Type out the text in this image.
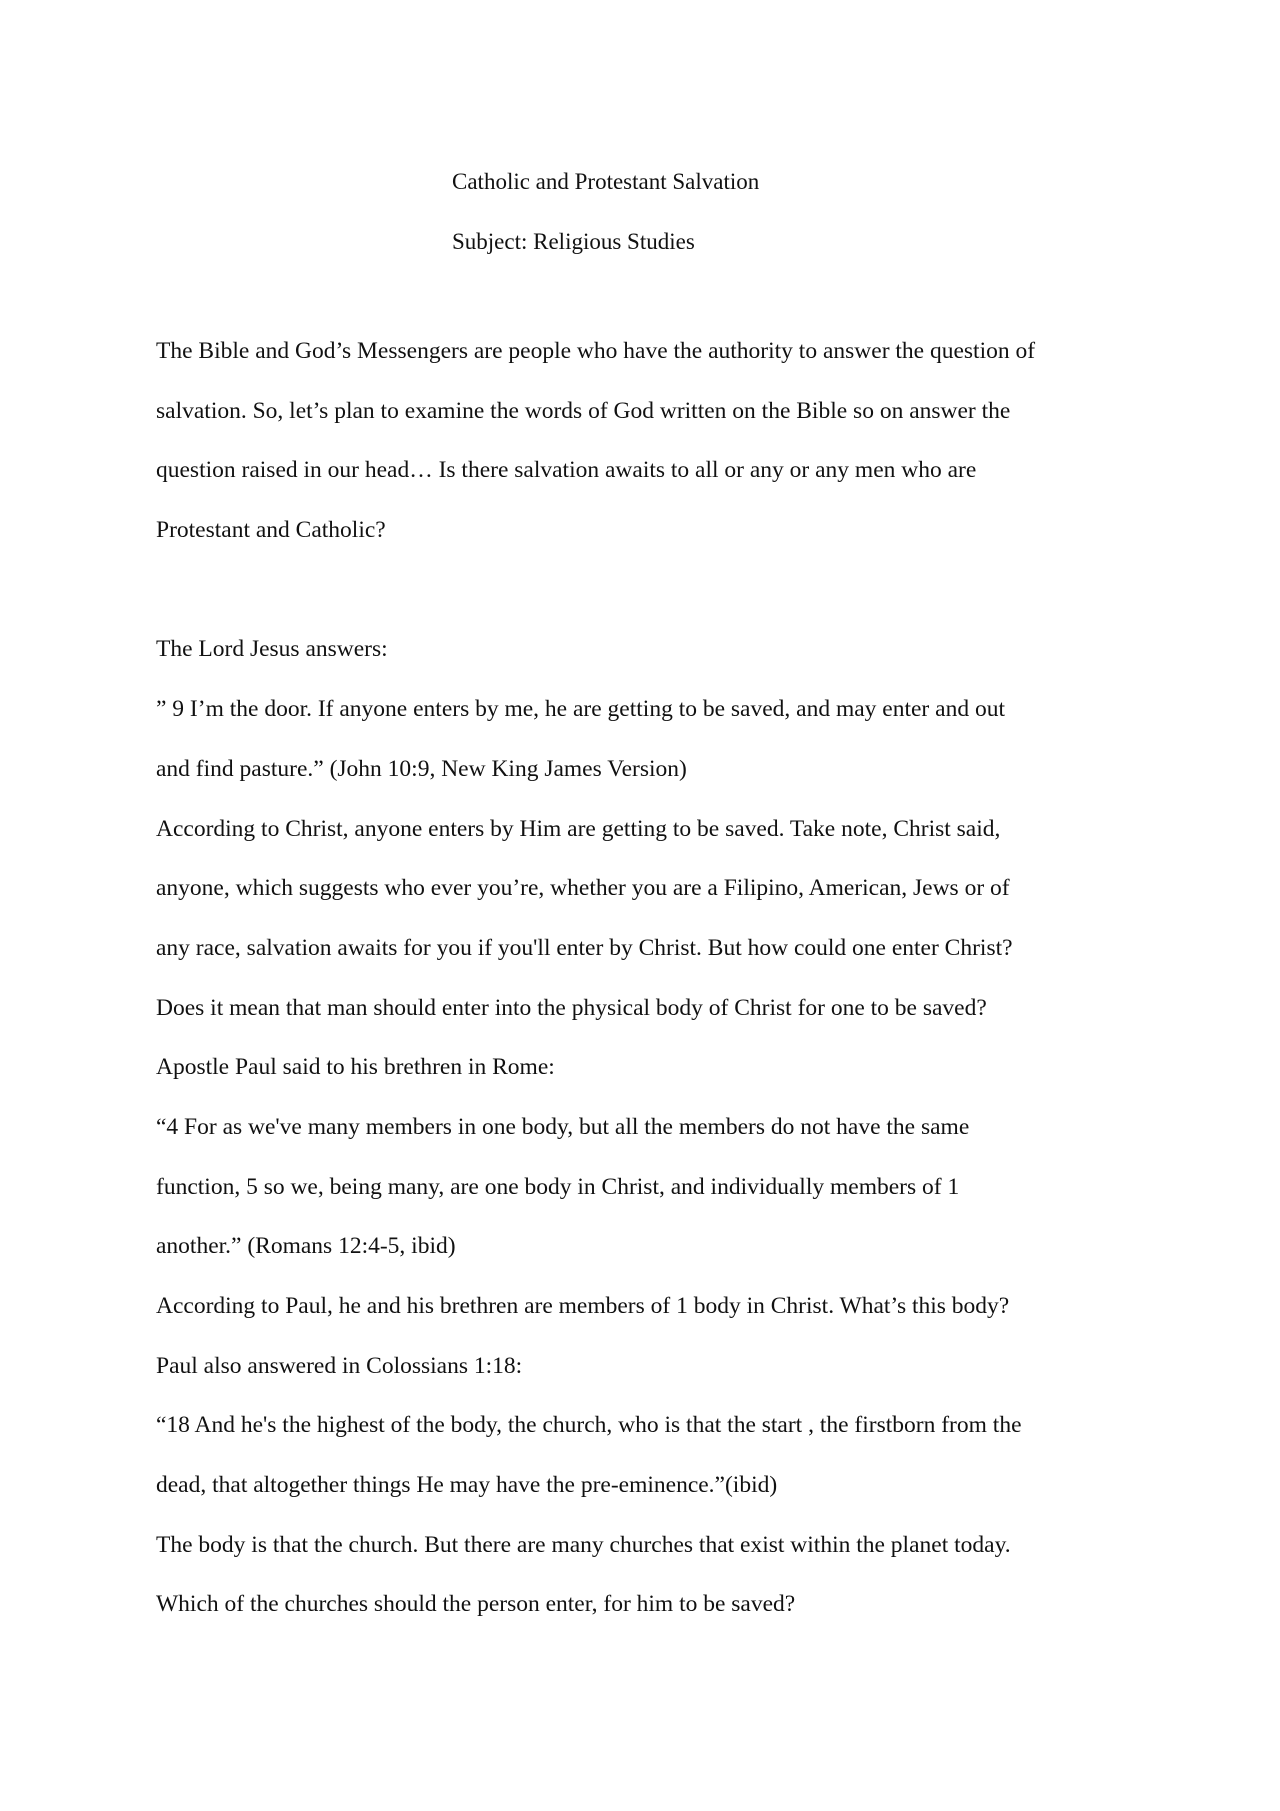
Catholic and Protestant Salvation
Subject: Religious Studies
The Bible and God’s Messengers are people who have the authority to answer the question of
salvation. So, let’s plan to examine the words of God written on the Bible so on answer the
question raised in our head… Is there salvation awaits to all or any or any men who are
Protestant and Catholic?
The Lord Jesus answers:
” 9 I’m the door. If anyone enters by me, he are getting to be saved, and may enter and out
and find pasture.” (John 10:9, New King James Version)
According to Christ, anyone enters by Him are getting to be saved. Take note, Christ said,
anyone, which suggests who ever you’re, whether you are a Filipino, American, Jews or of
any race, salvation awaits for you if you'll enter by Christ. But how could one enter Christ?
Does it mean that man should enter into the physical body of Christ for one to be saved?
Apostle Paul said to his brethren in Rome:
“4 For as we've many members in one body, but all the members do not have the same
function, 5 so we, being many, are one body in Christ, and individually members of 1
another.” (Romans 12:4-5, ibid)
According to Paul, he and his brethren are members of 1 body in Christ. What’s this body?
Paul also answered in Colossians 1:18:
“18 And he's the highest of the body, the church, who is that the start , the firstborn from the
dead, that altogether things He may have the pre-eminence.”(ibid)
The body is that the church. But there are many churches that exist within the planet today.
Which of the churches should the person enter, for him to be saved?
